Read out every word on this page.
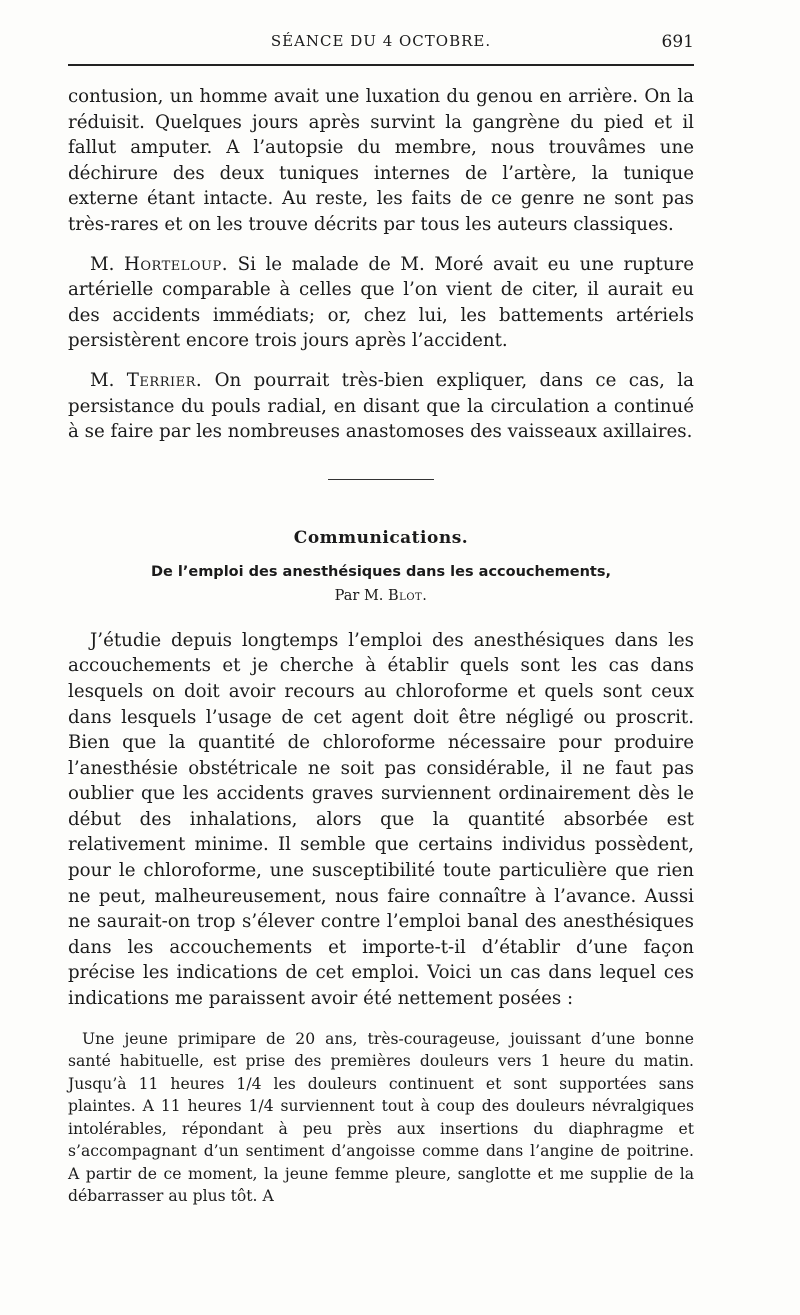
SÉANCE DU 4 OCTOBRE.	691

contusion, un homme avait une luxation du genou en arrière. On la réduisit. Quelques jours après survint la gangrène du pied et il fallut amputer. A l’autopsie du membre, nous trouvâmes une déchirure des deux tuniques internes de l’artère, la tunique externe étant intacte. Au reste, les faits de ce genre ne sont pas très-rares et on les trouve décrits par tous les auteurs classiques.

M. Horteloup. Si le malade de M. Moré avait eu une rupture artérielle comparable à celles que l’on vient de citer, il aurait eu des accidents immédiats; or, chez lui, les battements artériels persistèrent encore trois jours après l’accident.

M. Terrier. On pourrait très-bien expliquer, dans ce cas, la persistance du pouls radial, en disant que la circulation a continué à se faire par les nombreuses anastomoses des vaisseaux axillaires.

Communications.
De l’emploi des anesthésiques dans les accouchements,
Par M. Blot.

J’étudie depuis longtemps l’emploi des anesthésiques dans les accouchements et je cherche à établir quels sont les cas dans lesquels on doit avoir recours au chloroforme et quels sont ceux dans lesquels l’usage de cet agent doit être négligé ou proscrit. Bien que la quantité de chloroforme nécessaire pour produire l’anesthésie obstétricale ne soit pas considérable, il ne faut pas oublier que les accidents graves surviennent ordinairement dès le début des inhalations, alors que la quantité absorbée est relativement minime. Il semble que certains individus possèdent, pour le chloroforme, une susceptibilité toute particulière que rien ne peut, malheureusement, nous faire connaître à l’avance. Aussi ne saurait-on trop s’élever contre l’emploi banal des anesthésiques dans les accouchements et importe-t-il d’établir d’une façon précise les indications de cet emploi. Voici un cas dans lequel ces indications me paraissent avoir été nettement posées :

Une jeune primipare de 20 ans, très-courageuse, jouissant d’une bonne santé habituelle, est prise des premières douleurs vers 1 heure du matin. Jusqu’à 11 heures 1/4 les douleurs continuent et sont supportées sans plaintes. A 11 heures 1/4 surviennent tout à coup des douleurs névralgiques intolérables, répondant à peu près aux insertions du diaphragme et s’accompagnant d’un sentiment d’angoisse comme dans l’angine de poitrine. A partir de ce moment, la jeune femme pleure, sanglotte et me supplie de la débarrasser au plus tôt. A
